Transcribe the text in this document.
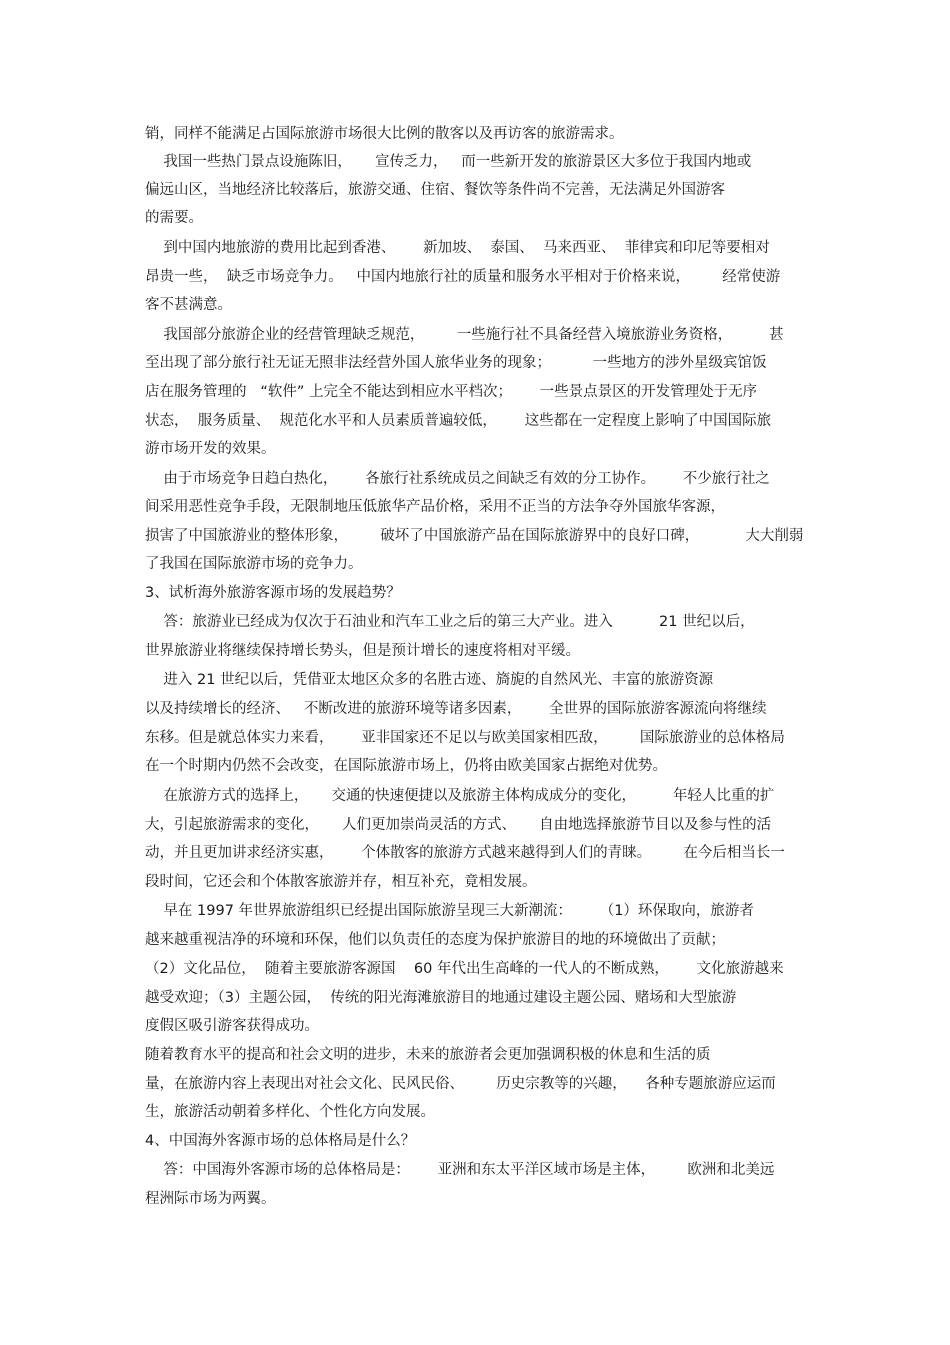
销，同样不能满足占国际旅游市场很大比例的散客以及再访客的旅游需求。
我国一些热门景点设施陈旧，     宣传乏力，   而一些新开发的旅游景区大多位于我国内地或
偏远山区，当地经济比较落后，旅游交通、住宿、餐饮等条件尚不完善，无法满足外国游客
的需要。
到中国内地旅游的费用比起到香港、      新加坡、  泰国、  马来西亚、  菲律宾和印尼等要相对
昂贵一些，  缺乏市场竞争力。   中国内地旅行社的质量和服务水平相对于价格来说，       经常使游
客不甚满意。
我国部分旅游企业的经营管理缺乏规范，       一些施行社不具备经营入境旅游业务资格，        甚
至出现了部分旅行社无证无照非法经营外国人旅华业务的现象；         一些地方的涉外星级宾馆饭
店在服务管理的   “软件” 上完全不能达到相应水平档次；      一些景点景区的开发管理处于无序
状态，  服务质量、  规范化水平和人员素质普遍较低，      这些都在一定程度上影响了中国国际旅
游市场开发的效果。
由于市场竞争日趋白热化，      各旅行社系统成员之间缺乏有效的分工协作。      不少旅行社之
间采用恶性竞争手段，无限制地压低旅华产品价格，采用不正当的方法争夺外国旅华客源，
损害了中国旅游业的整体形象，       破坏了中国旅游产品在国际旅游界中的良好口碑，          大大削弱
了我国在国际旅游市场的竞争力。
3、试析海外旅游客源市场的发展趋势？
答：旅游业已经成为仅次于石油业和汽车工业之后的第三大产业。进入          21 世纪以后，
世界旅游业将继续保持增长势头，但是预计增长的速度将相对平缓。
进入 21 世纪以后，凭借亚太地区众多的名胜古迹、旖旎的自然风光、丰富的旅游资源
以及持续增长的经济、   不断改进的旅游环境等诸多因素，      全世界的国际旅游客源流向将继续
东移。但是就总体实力来看，      亚非国家还不足以与欧美国家相匹敌，       国际旅游业的总体格局
在一个时期内仍然不会改变，在国际旅游市场上，仍将由欧美国家占据绝对优势。
在旅游方式的选择上，     交通的快速便捷以及旅游主体构成成分的变化，        年轻人比重的扩
大，引起旅游需求的变化，     人们更加崇尚灵活的方式、     自由地选择旅游节目以及参与性的活
动，并且更加讲求经济实惠，      个体散客的旅游方式越来越得到人们的青睐。       在今后相当长一
段时间，它还会和个体散客旅游并存，相互补充，竟相发展。
早在 1997 年世界旅游组织已经提出国际旅游呈现三大新潮流：      （1）环保取向，旅游者
越来越重视洁净的环境和环保，他们以负责任的态度为保护旅游目的地的环境做出了贡献；
（2）文化品位，  随着主要旅游客源国    60 年代出生高峰的一代人的不断成熟，      文化旅游越来
越受欢迎；（3）主题公园，  传统的阳光海滩旅游目的地通过建设主题公园、赌场和大型旅游
度假区吸引游客获得成功。
随着教育水平的提高和社会文明的进步，未来的旅游者会更加强调积极的休息和生活的质
量，在旅游内容上表现出对社会文化、民风民俗、       历史宗教等的兴趣，    各种专题旅游应运而
生，旅游活动朝着多样化、个性化方向发展。
4、中国海外客源市场的总体格局是什么？
答：中国海外客源市场的总体格局是：      亚洲和东太平洋区域市场是主体，       欧洲和北美远
程洲际市场为两翼。
